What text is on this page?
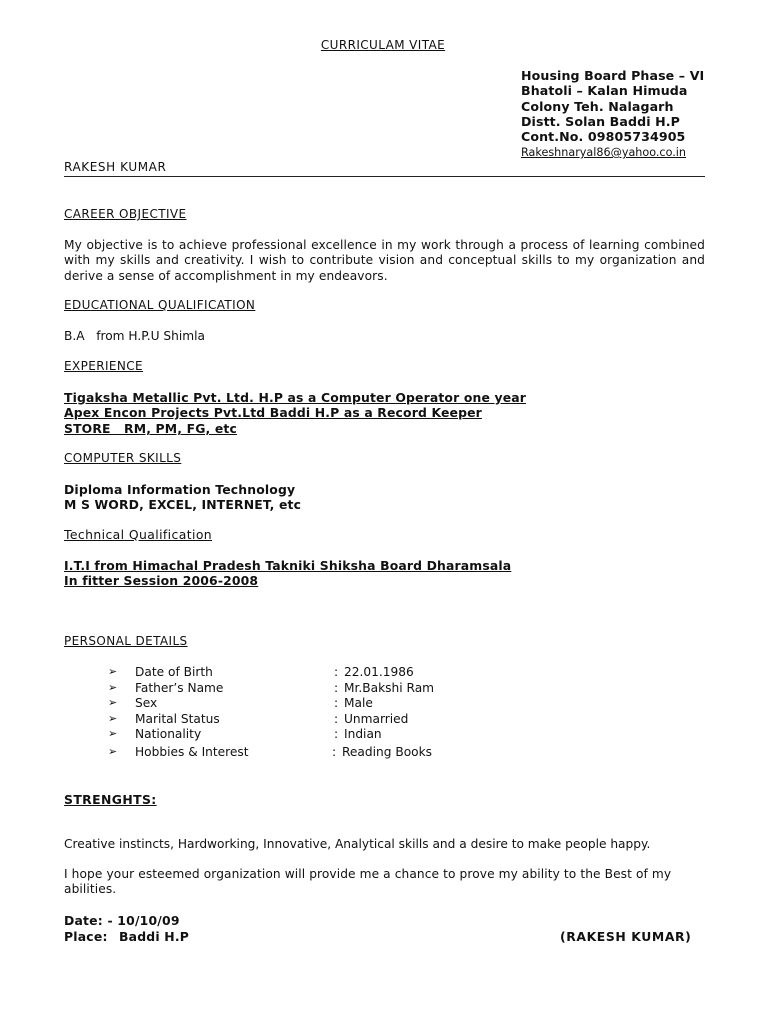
CURRICULAM VITAE
Housing Board Phase – VI
Bhatoli – Kalan Himuda
Colony Teh. Nalagarh
Distt. Solan Baddi H.P
Cont.No. 09805734905
Rakeshnaryal86@yahoo.co.in
RAKESH KUMAR
CAREER OBJECTIVE
My objective is to achieve professional excellence in my work through a process of learning combined with my skills and creativity. I wish to contribute vision and conceptual skills to my organization and derive a sense of accomplishment in my endeavors.
EDUCATIONAL QUALIFICATION
B.A   from H.P.U Shimla
EXPERIENCE
Tigaksha Metallic Pvt. Ltd. H.P as a Computer Operator one year
Apex Encon Projects Pvt.Ltd Baddi H.P as a Record Keeper
STORE   RM, PM, FG, etc
COMPUTER SKILLS
Diploma Information Technology
M S WORD, EXCEL, INTERNET, etc
Technical Qualification
I.T.I from Himachal Pradesh Takniki Shiksha Board Dharamsala
In fitter Session 2006-2008
PERSONAL DETAILS
➢ Date of Birth	: 22.01.1986
➢ Father’s Name	: Mr.Bakshi Ram
➢ Sex	: Male
➢ Marital Status	: Unmarried
➢ Nationality	: Indian
➢ Hobbies & Interest	: Reading Books
STRENGHTS:
Creative instincts, Hardworking, Innovative, Analytical skills and a desire to make people happy.
I hope your esteemed organization will provide me a chance to prove my ability to the Best of my abilities.
Date: - 10/10/09
Place: Baddi H.P	(RAKESH KUMAR)
